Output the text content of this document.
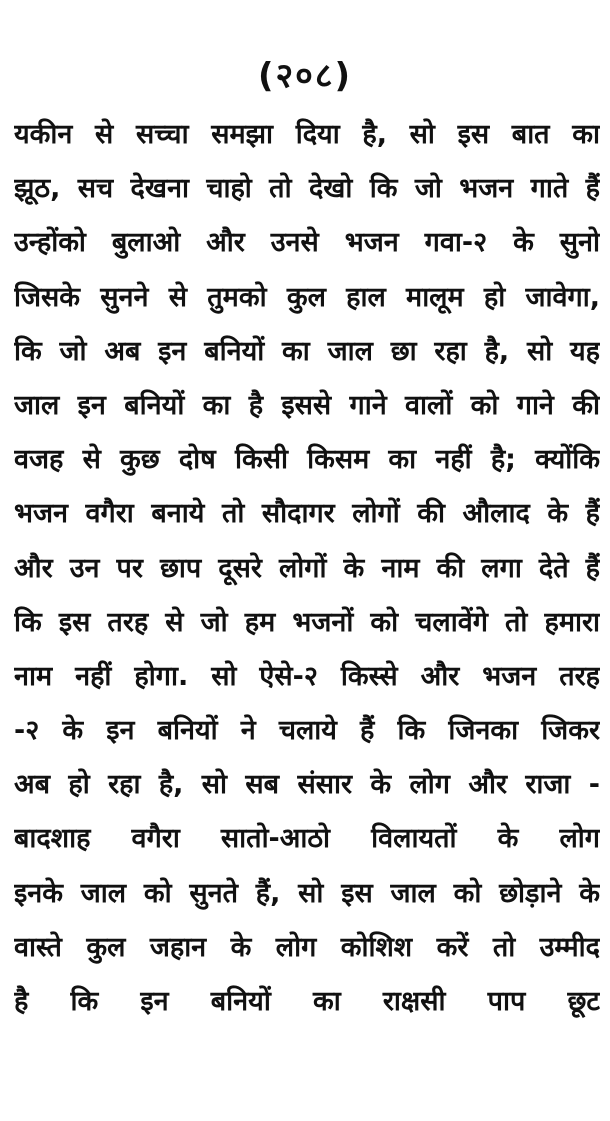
(२०८)
यकीन से सच्चा समझा दिया है, सो इस बात का
झूठ, सच देखना चाहो तो देखो कि जो भजन गाते हैं
उन्होंको बुलाओ और उनसे भजन गवा-२ के सुनो
जिसके सुनने से तुमको कुल हाल मालूम हो जावेगा,
कि जो अब इन बनियों का जाल छा रहा है, सो यह
जाल इन बनियों का है इससे गाने वालों को गाने की
वजह से कुछ दोष किसी किसम का नहीं है; क्योंकि
भजन वगैरा बनाये तो सौदागर लोगों की औलाद के हैं
और उन पर छाप दूसरे लोगों के नाम की लगा देते हैं
कि इस तरह से जो हम भजनों को चलावेंगे तो हमारा
नाम नहीं होगा. सो ऐसे-२ किस्से और भजन तरह
-२ के इन बनियों ने चलाये हैं कि जिनका जिकर
अब हो रहा है, सो सब संसार के लोग और राजा -
बादशाह वगैरा सातो-आठो विलायतों के लोग
इनके जाल को सुनते हैं, सो इस जाल को छोड़ाने के
वास्ते कुल जहान के लोग कोशिश करें तो उम्मीद
है कि इन बनियों का राक्षसी पाप छूट
